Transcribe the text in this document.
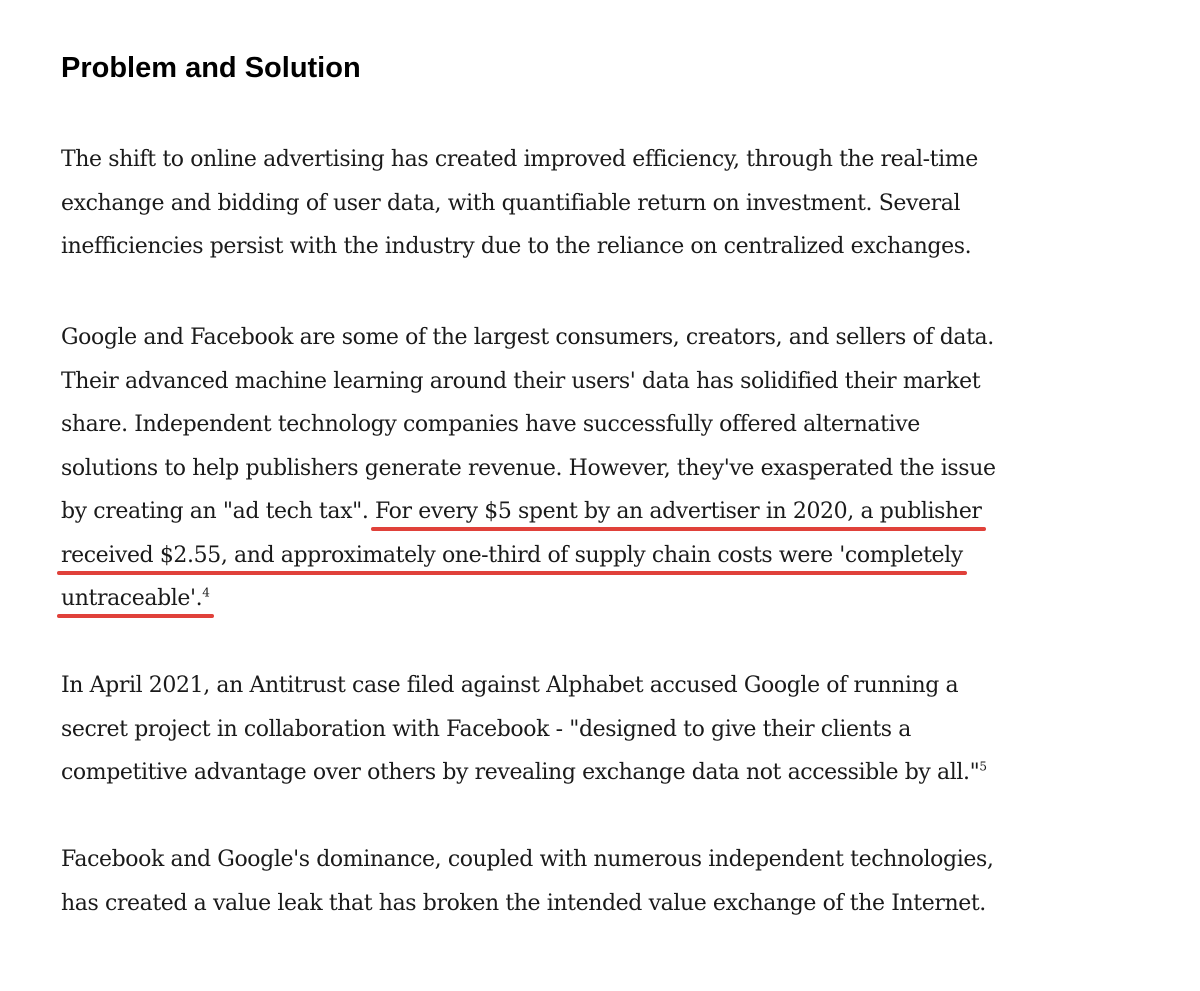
Problem and Solution

The shift to online advertising has created improved efficiency, through the real-time
exchange and bidding of user data, with quantifiable return on investment. Several
inefficiencies persist with the industry due to the reliance on centralized exchanges.

Google and Facebook are some of the largest consumers, creators, and sellers of data.
Their advanced machine learning around their users' data has solidified their market
share. Independent technology companies have successfully offered alternative
solutions to help publishers generate revenue. However, they've exasperated the issue
by creating an "ad tech tax". For every $5 spent by an advertiser in 2020, a publisher
received $2.55, and approximately one-third of supply chain costs were 'completely
untraceable'.$^4$

In April 2021, an Antitrust case filed against Alphabet accused Google of running a
secret project in collaboration with Facebook - "designed to give their clients a
competitive advantage over others by revealing exchange data not accessible by all."$^5$

Facebook and Google's dominance, coupled with numerous independent technologies,
has created a value leak that has broken the intended value exchange of the Internet.
